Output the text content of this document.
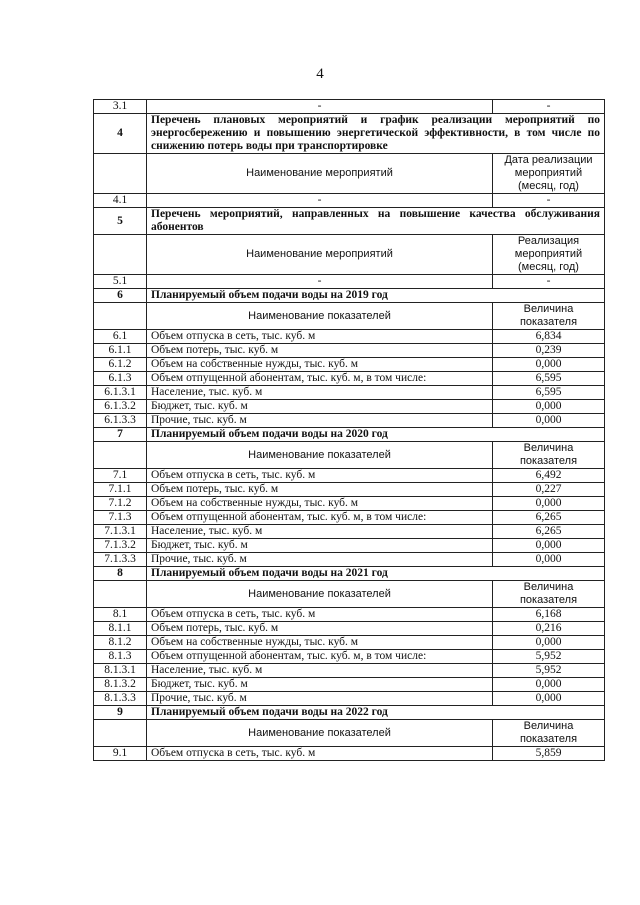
4
3.1	-	-
4	Перечень плановых мероприятий и график реализации мероприятий по энергосбережению и повышению энергетической эффективности, в том числе по снижению потерь воды при транспортировке	
	Наименование мероприятий	Дата реализации мероприятий (месяц, год)
4.1	-	-
5	Перечень мероприятий, направленных на повышение качества обслуживания абонентов	
	Наименование мероприятий	Реализация мероприятий (месяц, год)
5.1	-	-
6	Планируемый объем подачи воды на 2019 год	
	Наименование показателей	Величина показателя
6.1	Объем отпуска в сеть, тыс. куб. м	6,834
6.1.1	Объем потерь, тыс. куб. м	0,239
6.1.2	Объем на собственные нужды, тыс. куб. м	0,000
6.1.3	Объем отпущенной абонентам, тыс. куб. м, в том числе:	6,595
6.1.3.1	Население, тыс. куб. м	6,595
6.1.3.2	Бюджет, тыс. куб. м	0,000
6.1.3.3	Прочие, тыс. куб. м	0,000
7	Планируемый объем подачи воды на 2020 год	
	Наименование показателей	Величина показателя
7.1	Объем отпуска в сеть, тыс. куб. м	6,492
7.1.1	Объем потерь, тыс. куб. м	0,227
7.1.2	Объем на собственные нужды, тыс. куб. м	0,000
7.1.3	Объем отпущенной абонентам, тыс. куб. м, в том числе:	6,265
7.1.3.1	Население, тыс. куб. м	6,265
7.1.3.2	Бюджет, тыс. куб. м	0,000
7.1.3.3	Прочие, тыс. куб. м	0,000
8	Планируемый объем подачи воды на 2021 год	
	Наименование показателей	Величина показателя
8.1	Объем отпуска в сеть, тыс. куб. м	6,168
8.1.1	Объем потерь, тыс. куб. м	0,216
8.1.2	Объем на собственные нужды, тыс. куб. м	0,000
8.1.3	Объем отпущенной абонентам, тыс. куб. м, в том числе:	5,952
8.1.3.1	Население, тыс. куб. м	5,952
8.1.3.2	Бюджет, тыс. куб. м	0,000
8.1.3.3	Прочие, тыс. куб. м	0,000
9	Планируемый объем подачи воды на 2022 год	
	Наименование показателей	Величина показателя
9.1	Объем отпуска в сеть, тыс. куб. м	5,859
